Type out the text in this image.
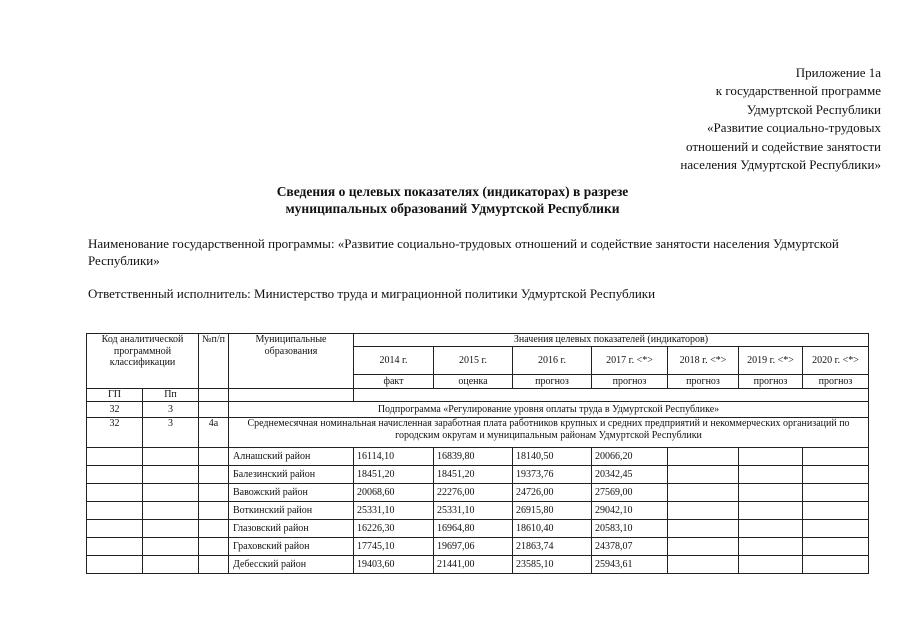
Приложение 1а
к государственной программе
Удмуртской Республики
«Развитие социально-трудовых
отношений и содействие занятости
населения Удмуртской Республики»
Сведения о целевых показателях (индикаторах) в разрезе
муниципальных образований Удмуртской Республики
Наименование государственной программы: «Развитие социально-трудовых отношений и содействие занятости населения Удмуртской Республики»
Ответственный исполнитель: Министерство труда и миграционной политики Удмуртской Республики
Код аналитической программной классификации		№п/п	Муниципальные образования	Значения целевых показателей (индикаторов)						
				2014 г.	2015 г.	2016 г.	2017 г. <*>	2018 г. <*>	2019 г. <*>	2020 г. <*>
				факт	оценка	прогноз	прогноз	прогноз	прогноз	прогноз
ГП	Пп									
32	3		Подпрограмма «Регулирование уровня оплаты труда в Удмуртской Республике»							
32	3	4а	Среднемесячная номинальная начисленная заработная плата работников крупных и средних предприятий и некоммерческих организаций по городским округам и муниципальным районам Удмуртской Республики							
			Алнашский район	16114,10	16839,80	18140,50	20066,20			
			Балезинский район	18451,20	18451,20	19373,76	20342,45			
			Вавожский район	20068,60	22276,00	24726,00	27569,00			
			Воткинский район	25331,10	25331,10	26915,80	29042,10			
			Глазовский район	16226,30	16964,80	18610,40	20583,10			
			Граховский район	17745,10	19697,06	21863,74	24378,07			
			Дебесский район	19403,60	21441,00	23585,10	25943,61			
